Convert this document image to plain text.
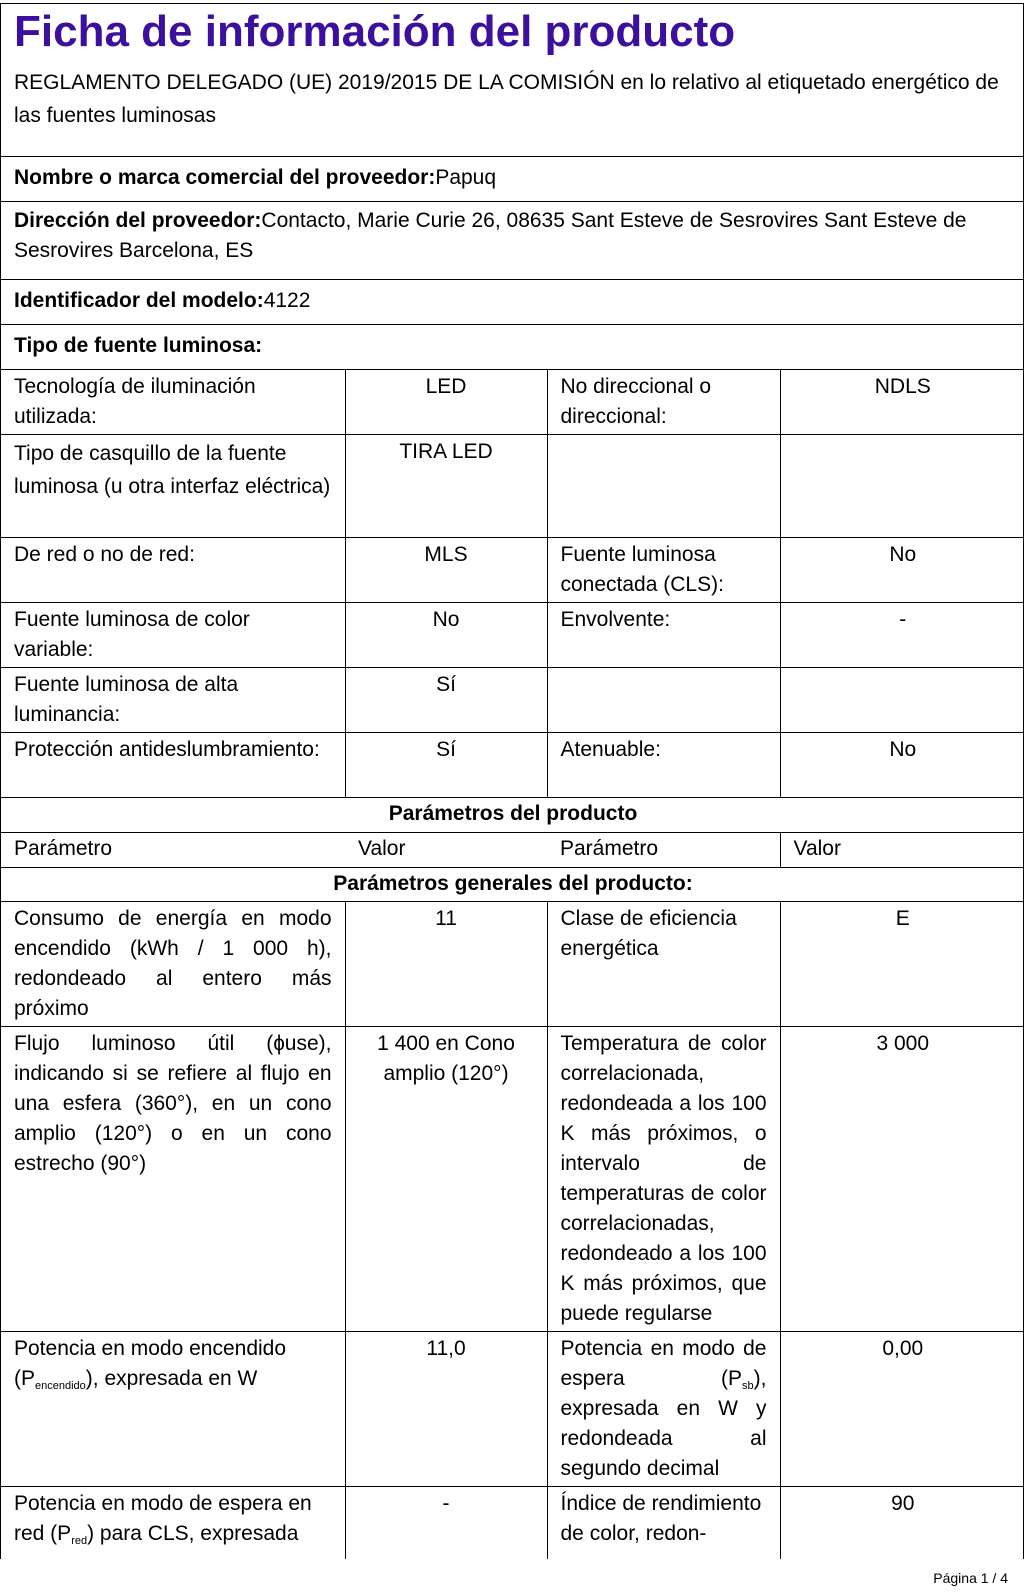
Ficha de información del producto
REGLAMENTO DELEGADO (UE) 2019/2015 DE LA COMISIÓN en lo relativo al etiquetado energético de las fuentes luminosas
Nombre o marca comercial del proveedor:Papuq
Dirección del proveedor:Contacto, Marie Curie 26, 08635 Sant Esteve de Sesrovires Sant Esteve de Sesrovires Barcelona, ES
Identificador del modelo:4122
Tipo de fuente luminosa:
Tecnología de iluminación utilizada:	LED	No direccional o direccional:	NDLS
Tipo de casquillo de la fuente luminosa (u otra interfaz eléctrica)	TIRA LED		
De red o no de red:	MLS	Fuente luminosa conectada (CLS):	No
Fuente luminosa de color variable:	No	Envolvente:	-
Fuente luminosa de alta luminancia:	Sí		
Protección antideslumbramiento:	Sí	Atenuable:	No
Parámetros del producto			
Parámetro	Valor	Parámetro	Valor
Parámetros generales del producto:			
Consumo de energía en modo encendido (kWh / 1 000 h), redondeado al entero más próximo	11	Clase de eficiencia energética	E
Flujo luminoso útil (ɸuse), indicando si se refiere al flujo en una esfera (360°), en un cono amplio (120°) o en un cono estrecho (90°)	1 400 en Cono amplio (120°)	Temperatura de color correlacionada, redondeada a los 100 K más próximos, o intervalo de temperaturas de color correlacionadas, redondeado a los 100 K más próximos, que puede regularse	3 000
Potencia en modo encendido $(P_{encendido})$, expresada en W	11,0	Potencia en modo de espera $(P_{sb})$, expresada en W y redondeada al segundo decimal	0,00
Potencia en modo de espera en red $(P_{red})$ para CLS, expresada	-	Índice de rendimiento de color, redon-	90
Página 1 / 4
